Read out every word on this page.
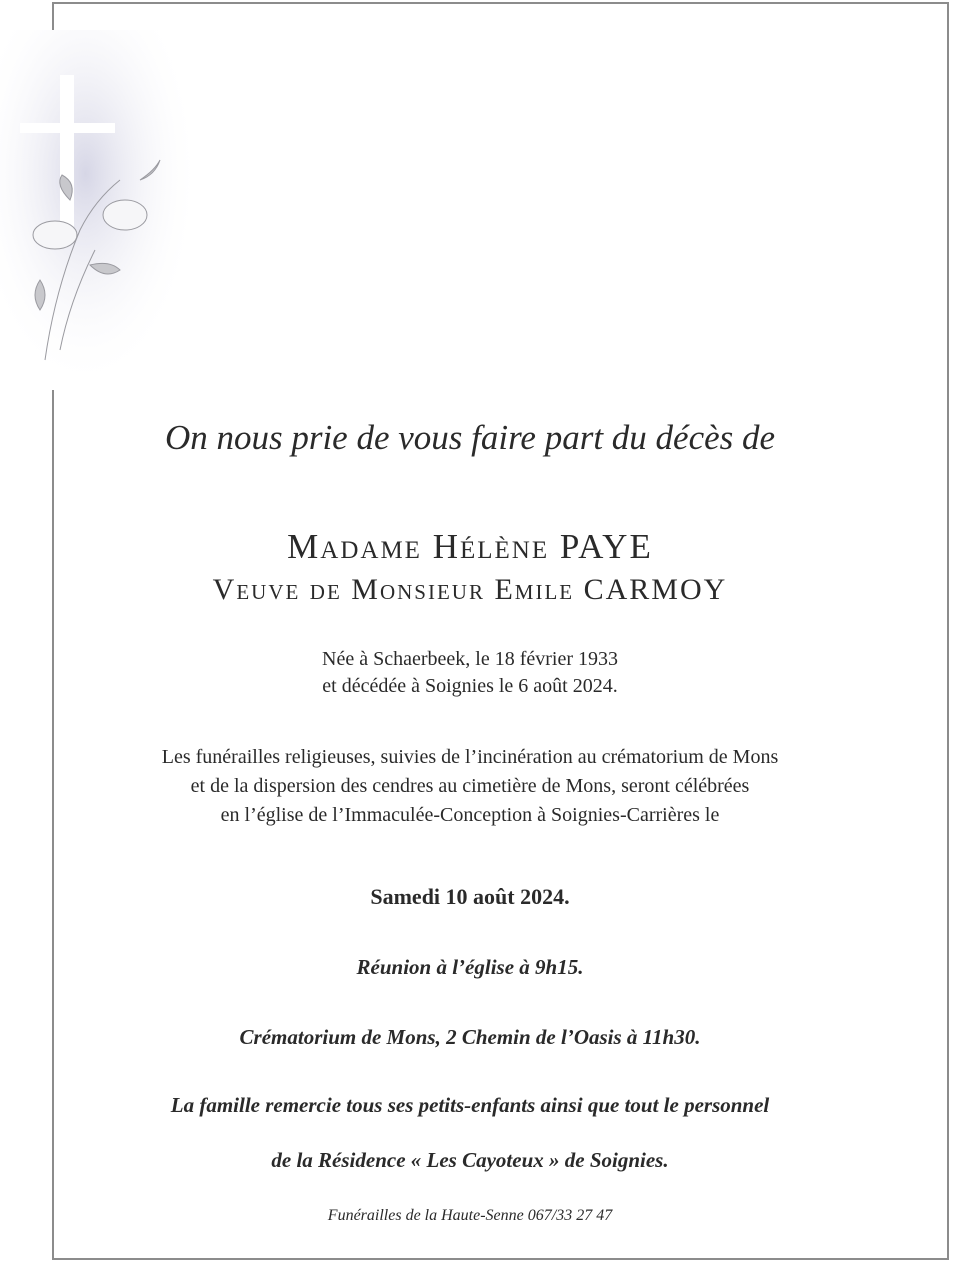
On nous prie de vous faire part du décès de
Madame Hélène PAYE
Veuve de Monsieur Emile CARMOY
Née à Schaerbeek, le 18 février 1933
et décédée à Soignies le 6 août 2024.
Les funérailles religieuses, suivies de l’incinération au crématorium de Mons
et de la dispersion des cendres au cimetière de Mons, seront célébrées
en l’église de l’Immaculée-Conception à Soignies-Carrières le
Samedi 10 août 2024.
Réunion à l’église à 9h15.
Crématorium de Mons, 2 Chemin de l’Oasis à 11h30.
La famille remercie tous ses petits-enfants ainsi que tout le personnel
de la Résidence « Les Cayoteux » de Soignies.
Funérailles de la Haute-Senne 067/33 27 47
